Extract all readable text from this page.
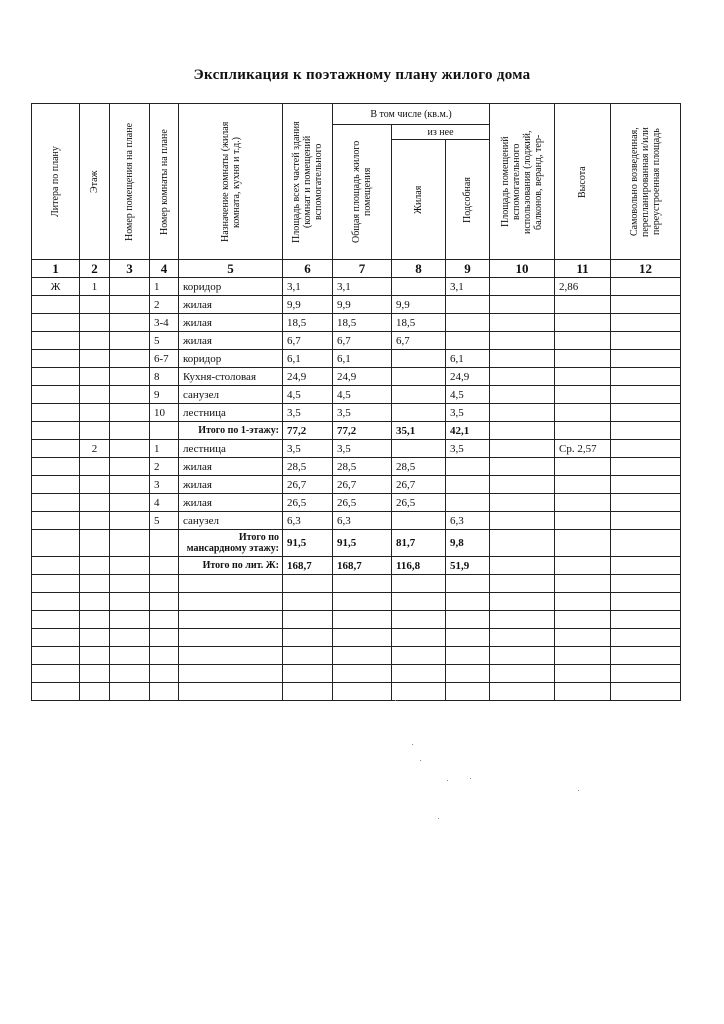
Экспликация к поэтажному плану жилого дома
Литера по плану	Этаж	Номер помещения на плане	Номер комнаты на плане	Назначение комнаты (жилая комната, кухня и т.д.)	Площадь всех частей здания (комнат и помещений вспомогательного	В том числе (кв.м.)			Площадь помещений вспомогательного использования (лоджий, балконов, веранд, тер-	Высота	Самовольно возведенная, перепланированная и/или переустроенная площадь

						Общая площадь жилого помещения	из нее				

							Жилая	Подсобная			

1	2	3	4	5	6	7	8	9	10	11	12
Ж	1		1	коридор	3,1	3,1		3,1		2,86	
			2	жилая	9,9	9,9	9,9				
			3-4	жилая	18,5	18,5	18,5				
			5	жилая	6,7	6,7	6,7				
			6-7	коридор	6,1	6,1		6,1			
			8	Кухня-столовая	24,9	24,9		24,9			
			9	санузел	4,5	4,5		4,5			
			10	лестница	3,5	3,5		3,5			
				Итого по 1-этажу:	77,2	77,2	35,1	42,1			
	2		1	лестница	3,5	3,5		3,5		Ср. 2,57	
			2	жилая	28,5	28,5	28,5				
			3	жилая	26,7	26,7	26,7				
			4	жилая	26,5	26,5	26,5				
			5	санузел	6,3	6,3		6,3			
				Итого по мансардному этажу:	91,5	91,5	81,7	9,8			
				Итого по лит. Ж:	168,7	168,7	116,8	51,9			
